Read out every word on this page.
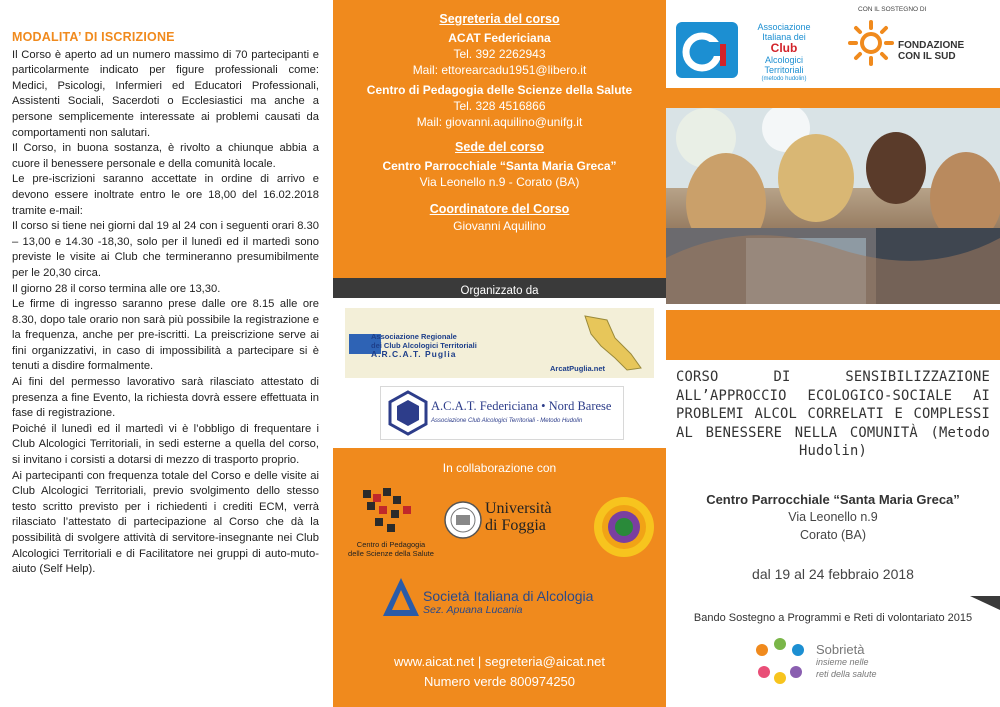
MODALITA’ DI ISCRIZIONE

Il Corso è aperto ad un numero massimo di 70 partecipanti e particolarmente indicato per figure professionali come: Medici, Psicologi, Infermieri ed Educatori Professionali, Assistenti Sociali, Sacerdoti o Ecclesiastici ma anche a persone semplicemente interessate ai problemi causati da comportamenti non salutari.

Il Corso, in buona sostanza, è rivolto a chiunque abbia a cuore il benessere personale e della comunità locale.

Le pre-iscrizioni saranno accettate in ordine di arrivo e devono essere inoltrate entro le ore 18,00 del 16.02.2018 tramite e-mail:

Il corso si tiene nei giorni dal 19 al 24 con i seguenti orari 8.30 – 13,00 e 14.30 -18,30, solo per il lunedì ed il martedì sono previste le visite ai Club che termineranno presumibilmente per le 20,30 circa.

Il giorno 28 il corso termina alle ore 13,30.

Le firme di ingresso saranno prese dalle ore 8.15 alle ore 8.30, dopo tale orario non sarà più possibile la registrazione e la frequenza, anche per pre-iscritti. La preiscrizione serve ai fini organizzativi, in caso di impossibilità a partecipare si è tenuti a disdire formalmente.

Ai fini del permesso lavorativo sarà rilasciato attestato di presenza a fine Evento, la richiesta dovrà essere effettuata in fase di registrazione.

Poiché il lunedì ed il martedì vi è l’obbligo di frequentare i Club Alcologici Territoriali, in sedi esterne a quella del corso, si invitano i corsisti a dotarsi di mezzo di trasporto proprio.

Ai partecipanti con frequenza totale del Corso e delle visite ai Club Alcologici Territoriali, previo svolgimento dello stesso testo scritto previsto per i richiedenti i crediti ECM, verrà rilasciato l’attestato di partecipazione al Corso che dà la possibilità di svolgere attività di servitore-insegnante nei Club Alcologici Territoriali e di Facilitatore nei gruppi di auto-muto-aiuto (Self Help).

Segreteria del corso
ACAT Federiciana
Tel. 392 2262943
Mail: ettorearcadu1951@libero.it
Centro di Pedagogia delle Scienze della Salute
Tel. 328 4516866
Mail: giovanni.aquilino@unifg.it
Sede del corso
Centro Parrocchiale “Santa Maria Greca”
Via Leonello n.9 - Corato (BA)
Coordinatore del Corso
Giovanni Aquilino
Organizzato da
Associazione Regionale
dei Club Alcologici Territoriali
A.R.C.A.T. Puglia
ArcatPuglia.net
A.C.A.T. Federiciana • Nord Barese
Associazione Club Alcologici Territoriali - Metodo Hudolin
In collaborazione con
Centro di Pedagogia
delle Scienze della Salute
Università
di Foggia
Società Italiana di Alcologia
Sez. Apuana Lucania
www.aicat.net | segreteria@aicat.net
Numero verde 800974250
Associazione
Italiana dei
Club
Alcologici
Territoriali
(metodo hudolin)
CON IL SOSTEGNO DI
FONDAZIONE
CON IL SUD
CORSO DI SENSIBILIZZAZIONE ALL’APPROCCIO ECOLOGICO-SOCIALE AI PROBLEMI ALCOL CORRELATI E COMPLESSI AL BENESSERE NELLA COMUNITÀ (Metodo Hudolin)
Centro Parrocchiale “Santa Maria Greca”
Via Leonello n.9
Corato (BA)
dal 19 al 24 febbraio 2018
Bando Sostegno a Programmi e Reti di volontariato 2015
Sobrietà
insieme nelle
reti della salute
